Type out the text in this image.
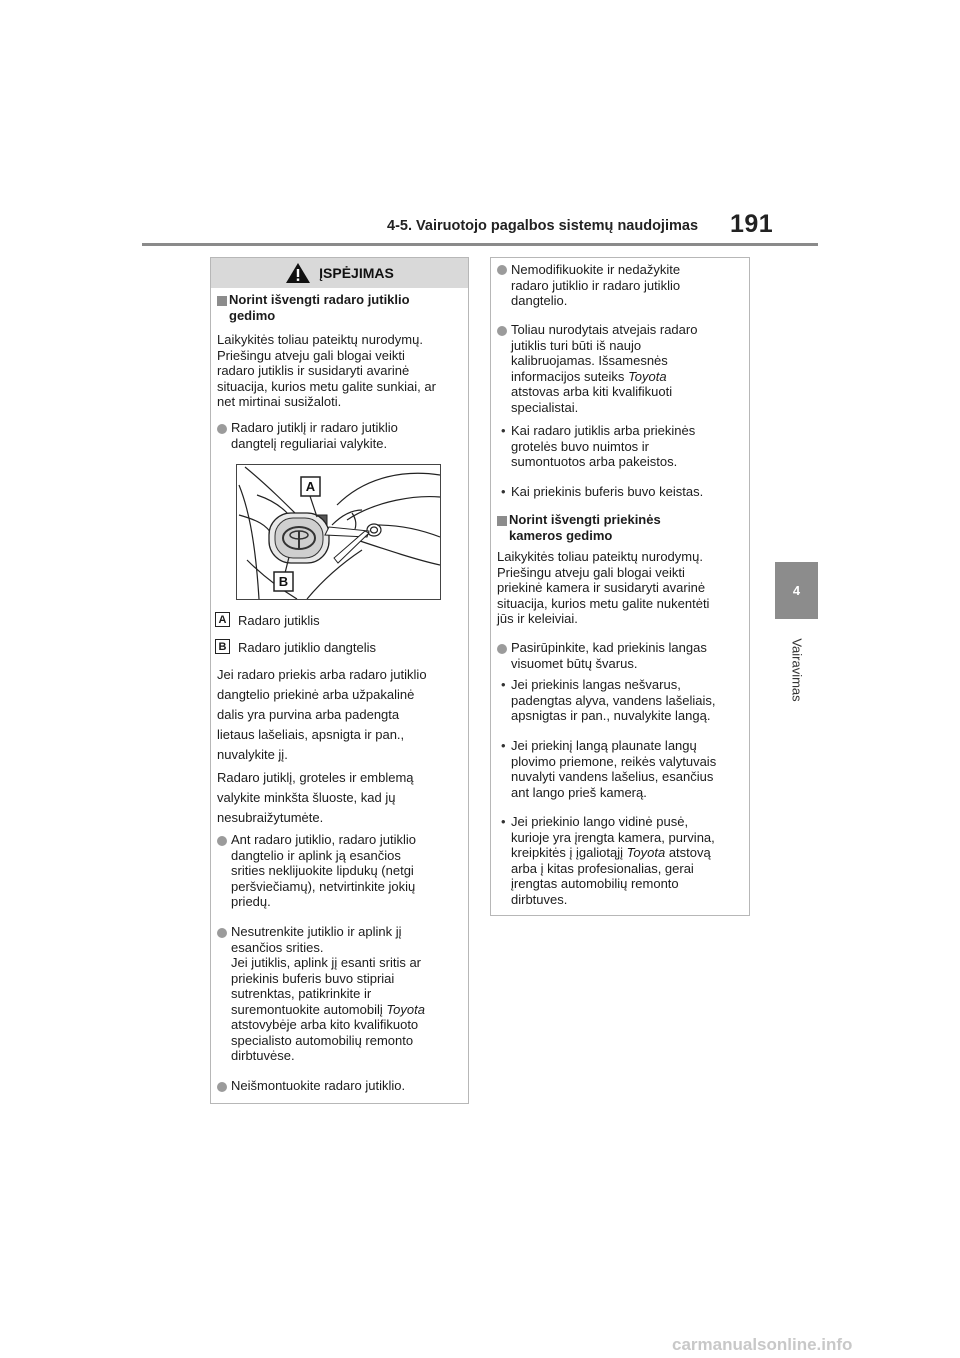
4-5. Vairuotojo pagalbos sistemų naudojimas 191
4
Vairavimas
ĮSPĖJIMAS
Norint išvengti radaro jutiklio gedimo
Laikykitės toliau pateiktų nurodymų.
Priešingu atveju gali blogai veikti
radaro jutiklis ir susidaryti avarinė
situacija, kurios metu galite sunkiai, ar
net mirtinai susižaloti.
Radaro jutiklį ir radaro jutiklio
dangtelį reguliariai valykite.
A Radaro jutiklis
B Radaro jutiklio dangtelis
Jei radaro priekis arba radaro jutiklio
dangtelio priekinė arba užpakalinė
dalis yra purvina arba padengta
lietaus lašeliais, apsnigta ir pan.,
nuvalykite jį.
Radaro jutiklį, groteles ir emblemą
valykite minkšta šluoste, kad jų
nesubraižytumėte.
Ant radaro jutiklio, radaro jutiklio
dangtelio ir aplink ją esančios
srities neklijuokite lipdukų (netgi
peršviečiamų), netvirtinkite jokių
priedų.
Nesutrenkite jutiklio ir aplink jį
esančios srities.
Jei jutiklis, aplink jį esanti sritis ar
priekinis buferis buvo stipriai
sutrenktas, patikrinkite ir
suremontuokite automobilį Toyota
atstovybėje arba kito kvalifikuoto
specialisto automobilių remonto
dirbtuvėse.
Neišmontuokite radaro jutiklio.
A
B
Nemodifikuokite ir nedažykite
radaro jutiklio ir radaro jutiklio
dangtelio.
Toliau nurodytais atvejais radaro
jutiklis turi būti iš naujo
kalibruojamas. Išsamesnės
informacijos suteiks Toyota
atstovas arba kiti kvalifikuoti
specialistai.
• Kai radaro jutiklis arba priekinės
grotelės buvo nuimtos ir
sumontuotos arba pakeistos.
• Kai priekinis buferis buvo keistas.
Norint išvengti priekinės
kameros gedimo
Laikykitės toliau pateiktų nurodymų.
Priešingu atveju gali blogai veikti
priekinė kamera ir susidaryti avarinė
situacija, kurios metu galite nukentėti
jūs ir keleiviai.
Pasirūpinkite, kad priekinis langas
visuomet būtų švarus.
• Jei priekinis langas nešvarus,
padengtas alyva, vandens lašeliais,
apsnigtas ir pan., nuvalykite langą.
• Jei priekinį langą plaunate langų
plovimo priemone, reikės valytuvais
nuvalyti vandens lašelius, esančius
ant lango prieš kamerą.
• Jei priekinio lango vidinė pusė,
kurioje yra įrengta kamera, purvina,
kreipkitės į įgaliotąjį Toyota atstovą
arba į kitas profesionalias, gerai
įrengtas automobilių remonto
dirbtuves.
carmanualsonline.info
